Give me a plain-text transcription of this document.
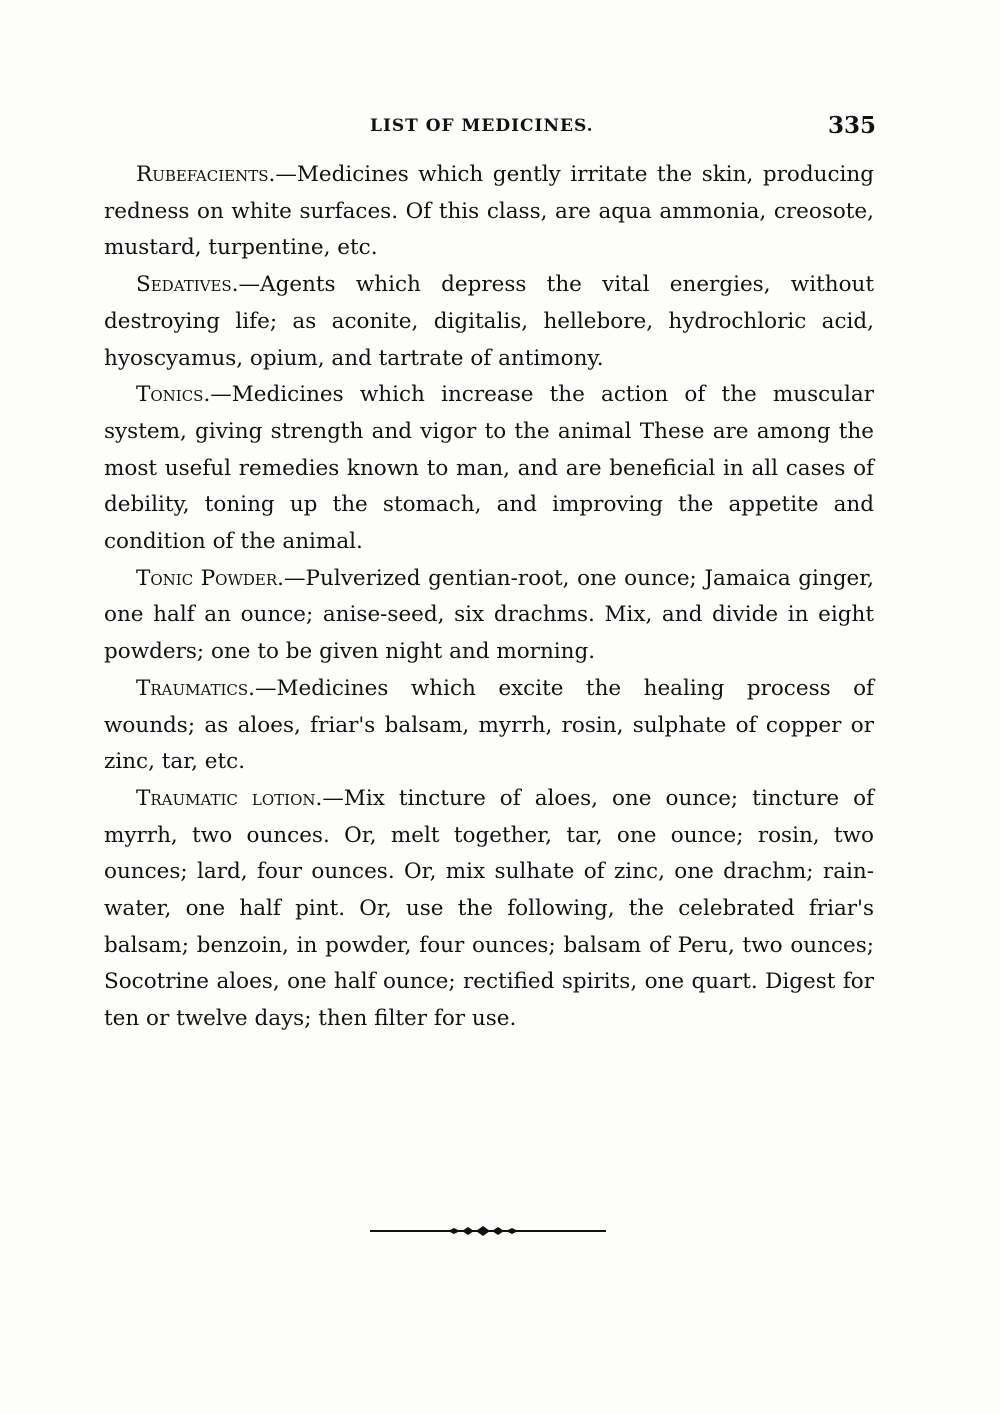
LIST OF MEDICINES.	335

Rubefacients.—Medicines which gently irritate the skin, producing redness on white surfaces. Of this class, are aqua ammonia, creosote, mustard, turpentine, etc.

Sedatives.—Agents which depress the vital energies, without destroying life; as aconite, digitalis, hellebore, hydrochloric acid, hyoscyamus, opium, and tartrate of antimony.

Tonics.—Medicines which increase the action of the muscular system, giving strength and vigor to the animal These are among the most useful remedies known to man, and are beneficial in all cases of debility, toning up the stomach, and improving the appetite and condition of the animal.

Tonic Powder.—Pulverized gentian-root, one ounce; Jamaica ginger, one half an ounce; anise-seed, six drachms. Mix, and divide in eight powders; one to be given night and morning.

Traumatics.—Medicines which excite the healing process of wounds; as aloes, friar's balsam, myrrh, rosin, sulphate of copper or zinc, tar, etc.

Traumatic lotion.—Mix tincture of aloes, one ounce; tincture of myrrh, two ounces. Or, melt together, tar, one ounce; rosin, two ounces; lard, four ounces. Or, mix sulhate of zinc, one drachm; rain-water, one half pint. Or, use the following, the celebrated friar's balsam; benzoin, in powder, four ounces; balsam of Peru, two ounces; Socotrine aloes, one half ounce; rectified spirits, one quart. Digest for ten or twelve days; then filter for use.
